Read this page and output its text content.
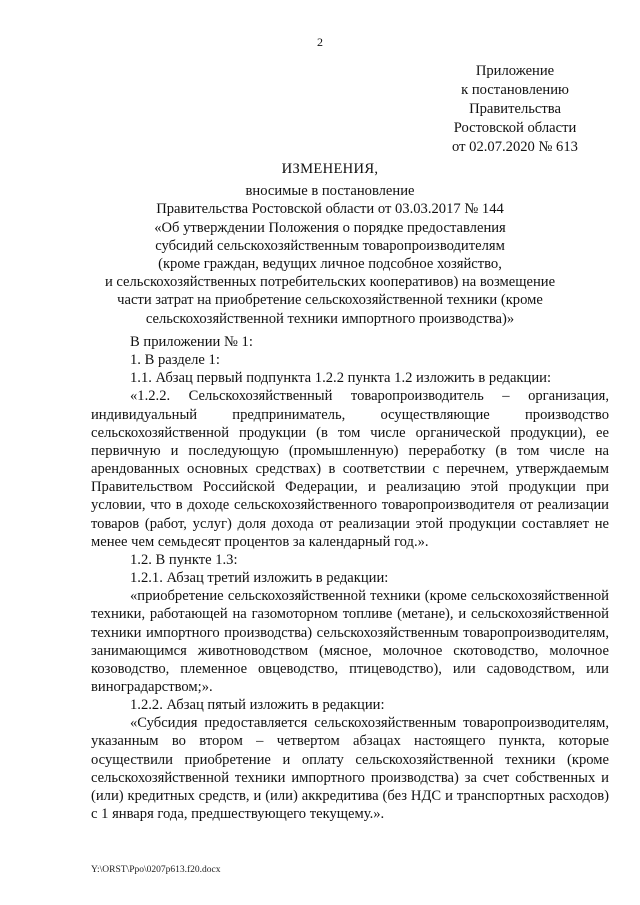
2
Приложение
к постановлению
Правительства
Ростовской области
от 02.07.2020 № 613
ИЗМЕНЕНИЯ,
вносимые в постановление
Правительства Ростовской области от 03.03.2017 № 144
«Об утверждении Положения о порядке предоставления
субсидий сельскохозяйственным товаропроизводителям
(кроме граждан, ведущих личное подсобное хозяйство,
и сельскохозяйственных потребительских кооперативов) на возмещение
части затрат на приобретение сельскохозяйственной техники (кроме
сельскохозяйственной техники импортного производства)»

В приложении № 1:

1. В разделе 1:

1.1. Абзац первый подпункта 1.2.2 пункта 1.2 изложить в редакции:

«1.2.2. Сельскохозяйственный товаропроизводитель – организация, индивидуальный предприниматель, осуществляющие производство сельскохозяйственной продукции (в том числе органической продукции), ее первичную и последующую (промышленную) переработку (в том числе на арендованных основных средствах) в соответствии с перечнем, утверждаемым Правительством Российской Федерации, и реализацию этой продукции при условии, что в доходе сельскохозяйственного товаропроизводителя от реализации товаров (работ, услуг) доля дохода от реализации этой продукции составляет не менее чем семьдесят процентов за календарный год.».

1.2. В пункте 1.3:

1.2.1. Абзац третий изложить в редакции:

«приобретение сельскохозяйственной техники (кроме сельскохозяйственной техники, работающей на газомоторном топливе (метане), и сельскохозяйственной техники импортного производства) сельскохозяйственным товаропроизводителям, занимающимся животноводством (мясное, молочное скотоводство, молочное козоводство, племенное овцеводство, птицеводство), или садоводством, или виноградарством;».

1.2.2. Абзац пятый изложить в редакции:

«Субсидия предоставляется сельскохозяйственным товаропроизводителям, указанным во втором – четвертом абзацах настоящего пункта, которые осуществили приобретение и оплату сельскохозяйственной техники (кроме сельскохозяйственной техники импортного производства) за счет собственных и (или) кредитных средств, и (или) аккредитива (без НДС и транспортных расходов) с 1 января года, предшествующего текущему.».

Y:\ORST\Ppo\0207p613.f20.docx
